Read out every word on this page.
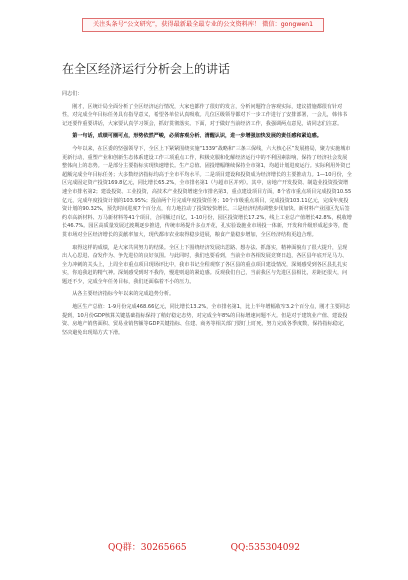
关注头条号“公文研究”，获得最新最全最专业的公文资料库！ 微信：gongwen1
在全区经济运行分析会上的讲话

同志们：

刚才，区统计局全面分析了全区经济运行情况，大家也都作了很好的发言，分析问题符合客观实际，建议措施都很有针对性，对完成全年目标任务具有指导意义，希望各单位认真吸收。几位区级领导都对下一步工作进行了安排部署，一会儿，韩伟书记还要作重要讲话，大家要认真学习领会，抓好贯彻落实。下面，对于做好当前经济工作，我强调两点意见，请同志们注意。

第一句话，成绩可圈可点，形势依然严峻，必须客观分析、清醒认识，进一步增强加快发展的责任感和紧迫感。

今年以来，在区委的坚强领导下，全区上下紧紧围绕实施“1339”战略和“三条三保线，六大核心区”发展格局，聚力实施城市更新行动，重塑产业和创新生态体系建设工作三项重点工作，积极克服和化解经济运行中的不利因素影响，保持了经济社会发展整体向上的态势。一是部分主要指标实现快速增长。生产总值、固投增幅继续保持全市第1，均超计划进度运行。实际利用外资已超额完成全年目标任务；大多数经济指标均高于全市平均水平。二是项目建设和投资成为经济增长的主要推动力。1—10月份，全区完成固定资产投资169.8亿元，同比增长65.2%，全市排名第1（与超市区并列）。其中，房地产开发投资、制造业投资投资增速全市排名第2；建设投资、工业投资，高技术产业投资增速全市排名第3，重点建设项目方面，8个省市重点项目完成投资10.55亿元，完成年度投资计划的103.95%；投前两个月完成年度投资任务；10个市级重点项目，完成投资103.11亿元，完成年度投资计划的90.32%，预先时间进度7个百分点，有力地拉动了投资较快增长。三是经济结构调整步伐加快。新材料产业园区先后签约卓高新材料、万马新材料等41个项目，合同额过百亿，1-10月份，园区投资增长17.2%，线上工业总产值增长42.8%，税收增长46.7%。园区高质量发展过渡期逐步推进，传统市场提升多点开花，孔实验设施业市场投一体新，开发和升级形成起步等，能贯市场对全区经济增长的贡献率加大，现代都市农业取得稳步进展，粮食产量稳步增加，全区经济结构更趋合理。

取得这样的成绩，是大家共同努力的结果。全区上下围绕经济发展出思路、想办法、抓落实，精神面貌有了很大提升，呈现出人心思进、奋发作为、争先进位的良好氛围。与此同时，我们也要看到，当前全市各相发展竞赛日趋，各区县年底开足马力、全力冲刺的关头上，上周全市重点项目现场评比中，我市书记全程观察了各区县的重点项目建设情况，深刻感受到各区县扎扎实实，你追我赶的精气神。深刻感受到时不我待，慢进则退的紧迫感。反观我们自己，当前我区与先进区县相比，差距还很大，问题还不少，完成全年任务目标，我们还面临着不小的压力。

从各主要经济指标今年以来的完成趋势分析。

地区生产总值：1-9月份完成468.66亿元，同比增长13.2%，全市排名第1，比上半年增幅收窄3.2个百分点，刚才主要同志提到，10月份GDP核算关键基础指标保持了稍好稳定态势，对完成全年8%的目标增速问题不大。但是对于建筑业产值、建设投资、房地产销售面积、贸易业销售额等GDP关键指标、住建、商务等相关部门要盯上盯死，努力完成各季度数，保持指标稳定，坚决避免出现塌方式下滑。

QQ群：30265665	QQ:535304092
